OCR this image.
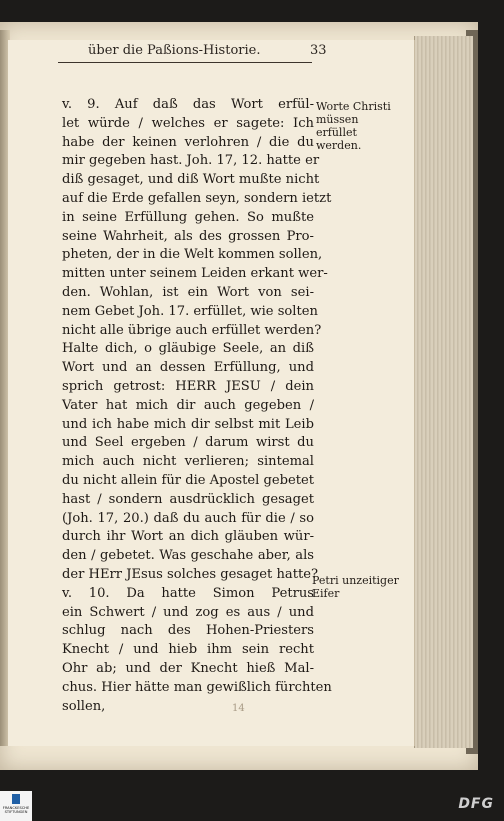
über die Paßions-Historie.	33
v. 9. Auf daß das Wort erfül-
let würde / welches er sagete: Ich
habe der keinen verlohren / die du
mir gegeben hast. Joh. 17, 12. hatte er
diß gesaget, und diß Wort mußte nicht
auf die Erde gefallen seyn, sondern ietzt
in seine Erfüllung gehen. So mußte
seine Wahrheit, als des grossen Pro-
pheten, der in die Welt kommen sollen,
mitten unter seinem Leiden erkant wer-
den. Wohlan, ist ein Wort von sei-
nem Gebet Joh. 17. erfüllet, wie solten
nicht alle übrige auch erfüllet werden?
Halte dich, o gläubige Seele, an diß
Wort und an dessen Erfüllung, und
sprich getrost: HERR JESU / dein
Vater hat mich dir auch gegeben /
und ich habe mich dir selbst mit Leib
und Seel ergeben / darum wirst du
mich auch nicht verlieren; sintemal
du nicht allein für die Apostel gebetet
hast / sondern ausdrücklich gesaget
(Joh. 17, 20.) daß du auch für die / so
durch ihr Wort an dich gläuben wür-
den / gebetet. Was geschahe aber, als
der HErr JEsus solches gesaget hatte?
v. 10. Da hatte Simon Petrus
ein Schwert / und zog es aus / und
schlug nach des Hohen-Priesters
Knecht / und hieb ihm sein recht
Ohr ab; und der Knecht hieß Mal-
chus. Hier hätte man gewißlich fürchten
sollen,
Worte Christi müssen erfüllet werden.
Petri unzeitiger Eifer
14
FRANCKESCHE STIFTUNGEN	DFG
